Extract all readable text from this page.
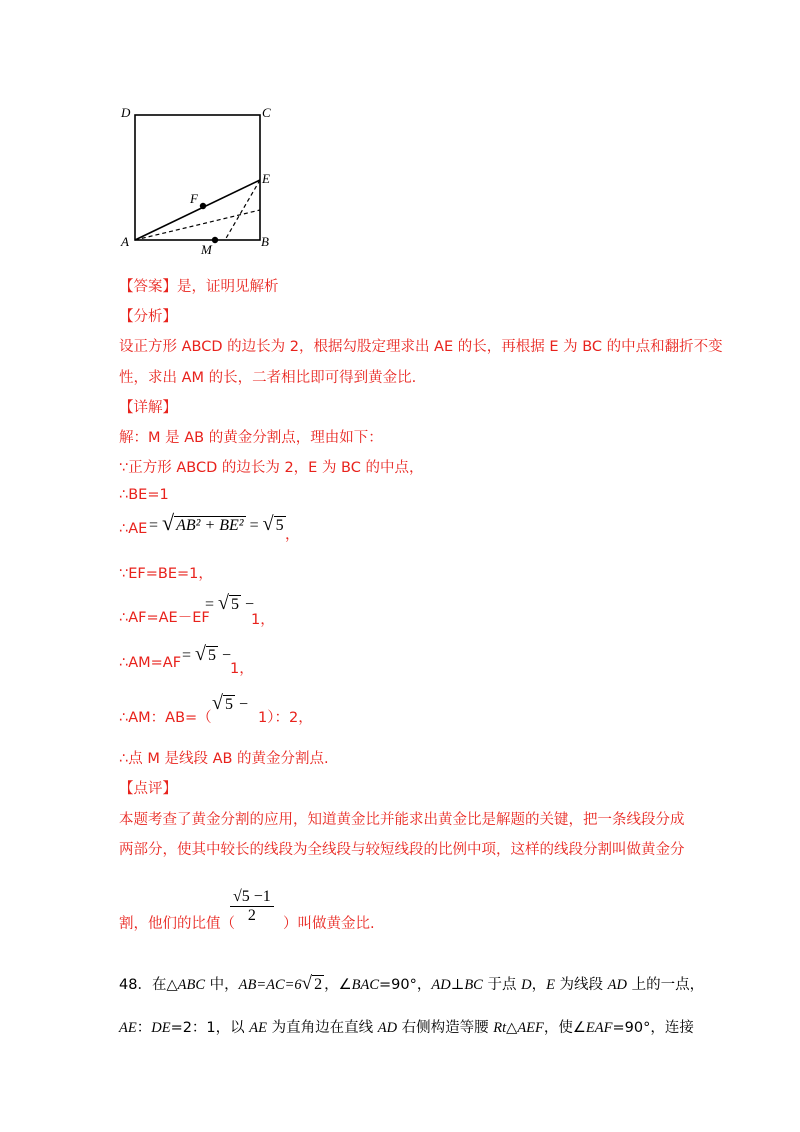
D	C
E
F
A
M
B
【答案】是，证明见解析
【分析】
设正方形 ABCD 的边长为 2，根据勾股定理求出 AE 的长，再根据 E 为 BC 的中点和翻折不变
性，求出 AM 的长，二者相比即可得到黄金比.
【详解】
解：M 是 AB 的黄金分割点，理由如下：
∵正方形 ABCD 的边长为 2，E 为 BC 的中点，
∴BE=1
∴AE = √ AB² + BE² = √ 5
，
∵EF=BE=1，
∴AF=AE－EF
= √ 5 −
1，
∴AM=AF = √ 5 −
1，
∴AM：AB=（
√ 5 −
1）：2，
∴点 M 是线段 AB 的黄金分割点.
【点评】
本题考查了黄金分割的应用，知道黄金比并能求出黄金比是解题的关键，把一条线段分成
两部分，使其中较长的线段为全线段与较短线段的比例中项，这样的线段分割叫做黄金分
割，他们的比值（
$\frac{√5 -1}{2}$ ）叫做黄金比.
48．在△ABC 中，AB=AC=6√ 2 ，∠BAC=90°，AD⊥BC 于点 D，E 为线段 AD 上的一点，
AE：DE=2：1，以 AE 为直角边在直线 AD 右侧构造等腰 Rt△AEF，使∠EAF=90°，连接
